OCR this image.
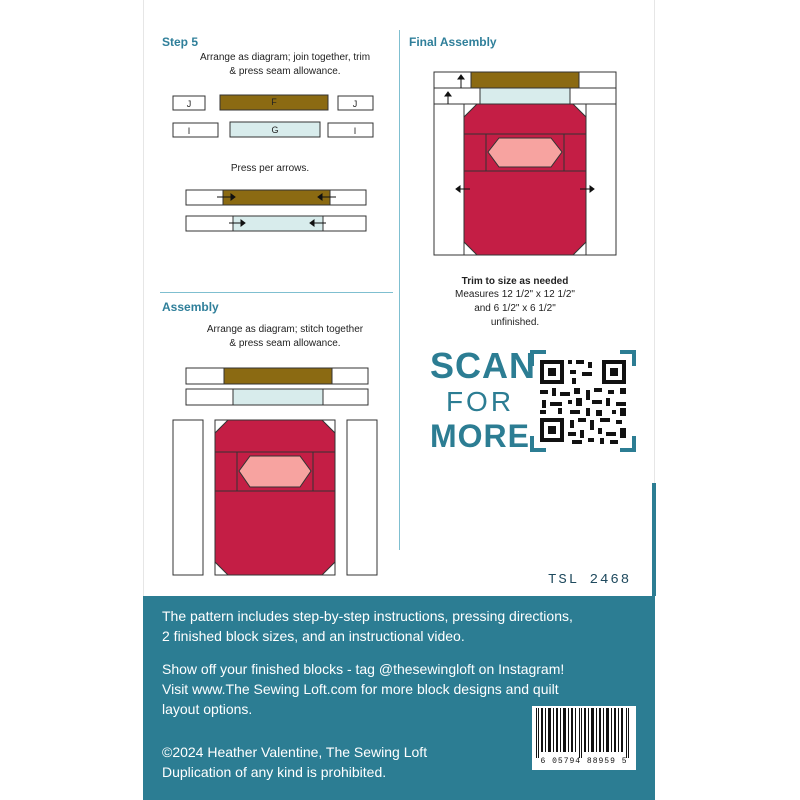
Step 5
Arrange as diagram; join together, trim
& press seam allowance.
J	F	J
I	G	I
Press per arrows.
Assembly
Arrange as diagram; stitch together
& press seam allowance.
Final Assembly
Trim to size as needed
Measures 12 1/2" x 12 1/2"
and 6 1/2" x 6 1/2"
unfinished.
SCAN
FOR
MORE
TSL 2468
The pattern includes step-by-step instructions, pressing directions,
2 finished block sizes, and an instructional video.
Show off your finished blocks - tag @thesewingloft on Instagram!
Visit www.The Sewing Loft.com for more block designs and quilt
layout options.
©2024 Heather Valentine, The Sewing Loft
Duplication of any kind is prohibited.
6 05794 88959 5
